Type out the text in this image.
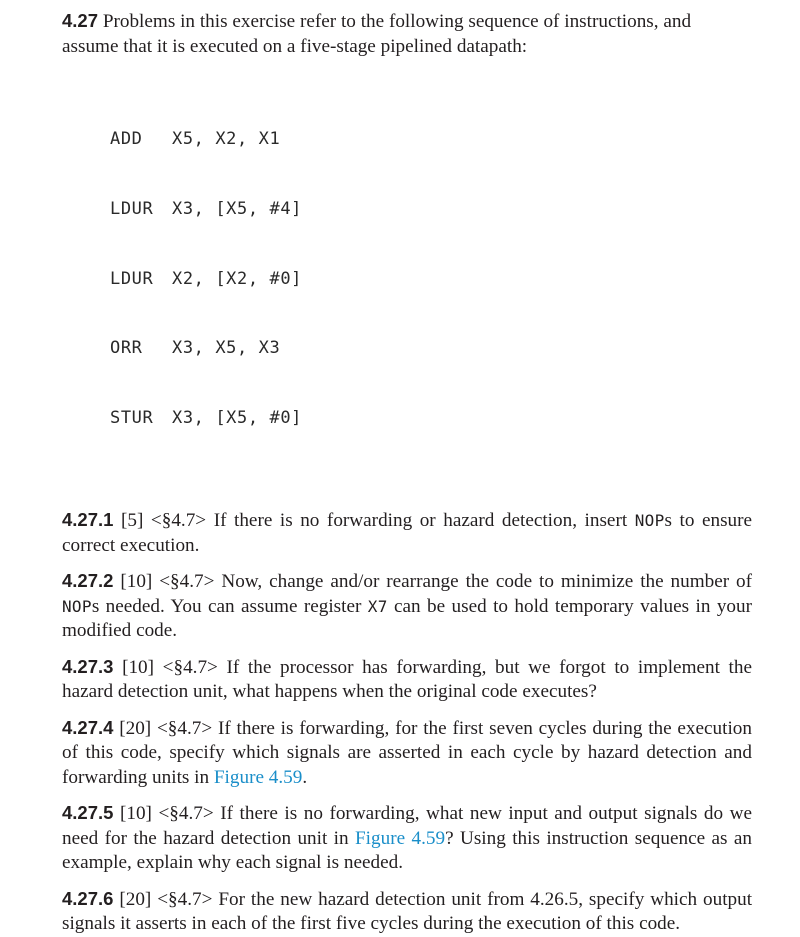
4.27 Problems in this exercise refer to the following sequence of instructions, and assume that it is executed on a five-stage pipelined datapath:

ADD X5, X2, X1

LDUR X3, [X5, #4]

LDUR X2, [X2, #0]

ORR X3, X5, X3

STUR X3, [X5, #0]

4.27.1 [5] <§4.7> If there is no forwarding or hazard detection, insert NOPs to ensure correct execution.

4.27.2 [10] <§4.7> Now, change and/or rearrange the code to minimize the number of NOPs needed. You can assume register X7 can be used to hold temporary values in your modified code.

4.27.3 [10] <§4.7> If the processor has forwarding, but we forgot to implement the hazard detection unit, what happens when the original code executes?

4.27.4 [20] <§4.7> If there is forwarding, for the first seven cycles during the execution of this code, specify which signals are asserted in each cycle by hazard detection and forwarding units in Figure 4.59.

4.27.5 [10] <§4.7> If there is no forwarding, what new input and output signals do we need for the hazard detection unit in Figure 4.59? Using this instruction sequence as an example, explain why each signal is needed.

4.27.6 [20] <§4.7> For the new hazard detection unit from 4.26.5, specify which output signals it asserts in each of the first five cycles during the execution of this code.
